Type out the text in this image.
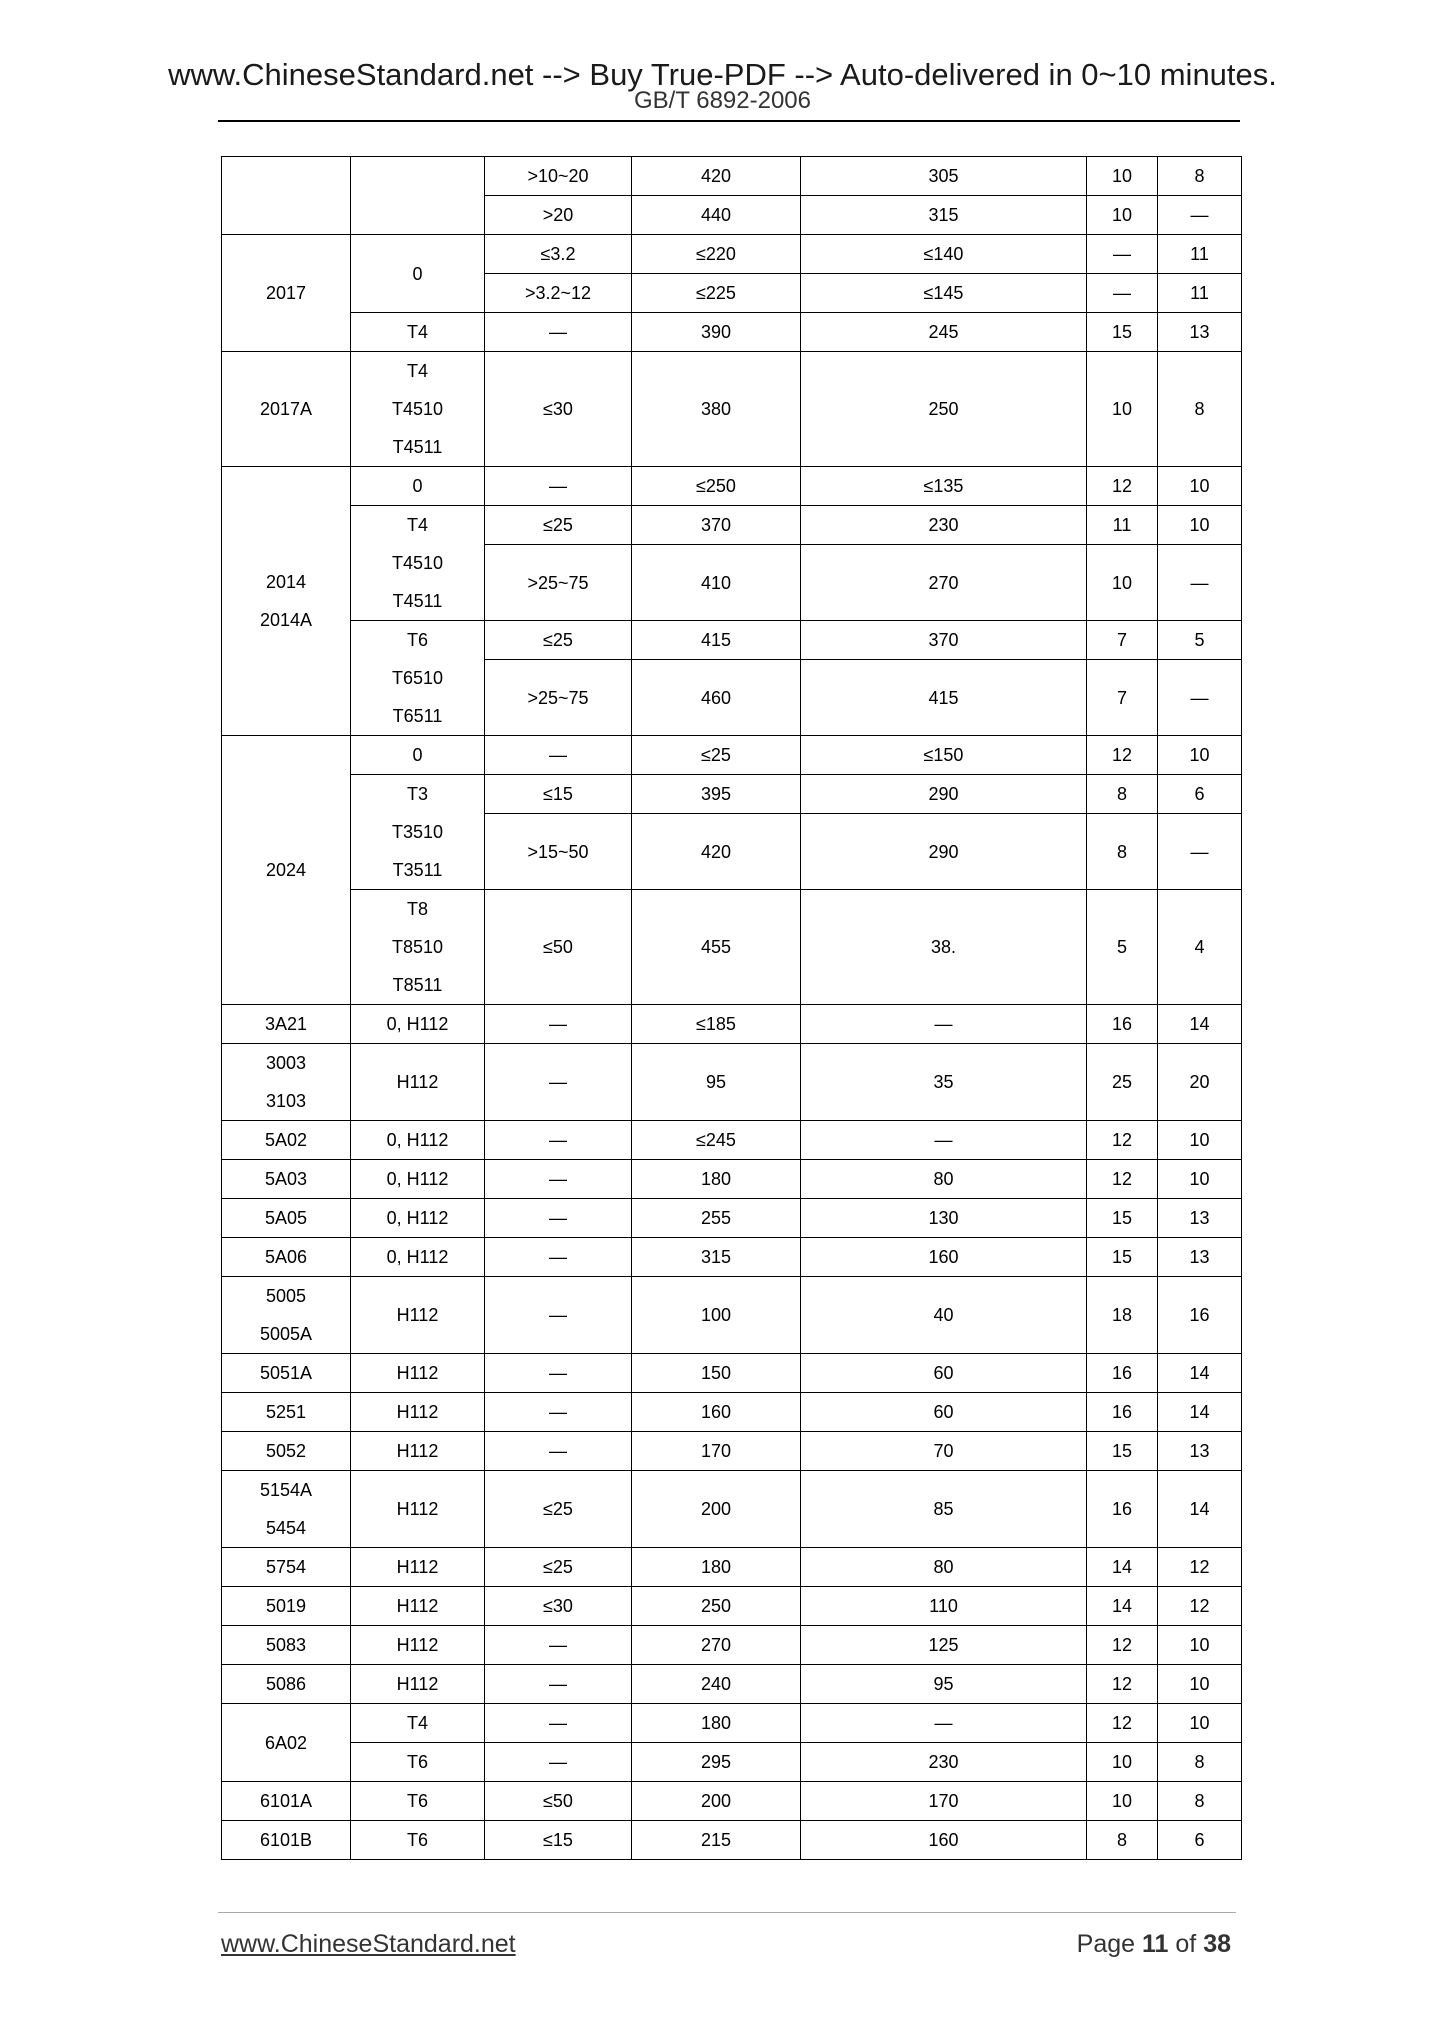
www.ChineseStandard.net --> Buy True-PDF --> Auto-delivered in 0~10 minutes.
GB/T 6892-2006
		>10~20	420	305	10	8
		>20	440	315	10	—
2017	0	≤3.2	≤220	≤140	—	11
		>3.2~12	≤225	≤145	—	11
	T4	—	390	245	15	13
2017A	T4
T4510
T4511	≤30	380	250	10	8

2014
2014A	0	—	≤250	≤135	12	10

	T4
T4510
T4511	≤25	370	230	11	10
		>25~75	410	270	10	—

	T6
T6510
T6511	≤25	415	370	7	5
		>25~75	460	415	7	—
2024	0	—	≤25	≤150	12	10

	T3
T3510
T3511	≤15	395	290	8	6
		>15~50	420	290	8	—

	T8
T8510
T8511	≤50	455	38.	5	4
3A21	0, H112	—	≤185	—	16	14

3003
3103	H112	—	95	35	25	20
5A02	0, H112	—	≤245	—	12	10
5A03	0, H112	—	180	80	12	10
5A05	0, H112	—	255	130	15	13
5A06	0, H112	—	315	160	15	13

5005
5005A	H112	—	100	40	18	16
5051A	H112	—	150	60	16	14
5251	H112	—	160	60	16	14
5052	H112	—	170	70	15	13

5154A
5454	H112	≤25	200	85	16	14
5754	H112	≤25	180	80	14	12
5019	H112	≤30	250	110	14	12
5083	H112	—	270	125	12	10
5086	H112	—	240	95	12	10
6A02	T4	—	180	—	12	10
	T6	—	295	230	10	8
6101A	T6	≤50	200	170	10	8
6101B	T6	≤15	215	160	8	6
www.ChineseStandard.net	Page 11 of 38
